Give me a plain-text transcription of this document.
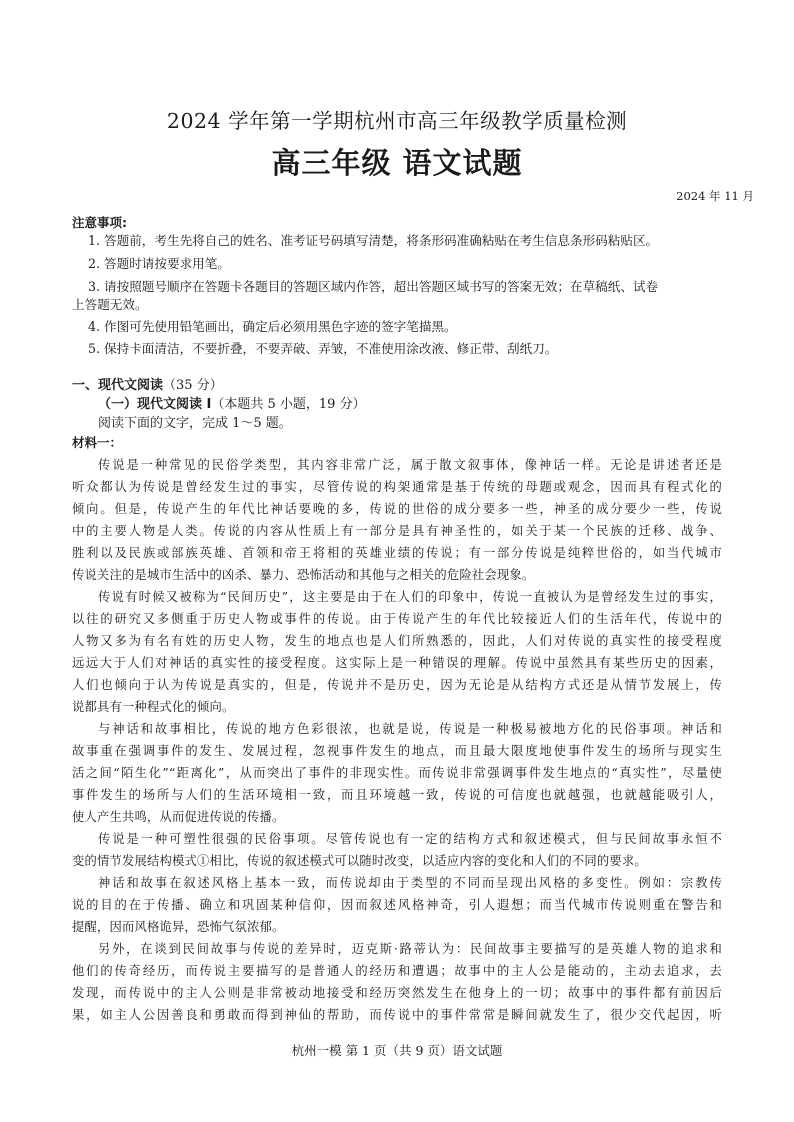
2024 学年第一学期杭州市高三年级教学质量检测
高三年级 语文试题
2024 年 11 月
注意事项:
1. 答题前，考生先将自己的姓名、准考证号码填写清楚，将条形码准确粘贴在考生信息条形码粘贴区。
2. 答题时请按要求用笔。
3. 请按照题号顺序在答题卡各题目的答题区域内作答，超出答题区域书写的答案无效；在草稿纸、试卷
上答题无效。
4. 作图可先使用铅笔画出，确定后必须用黑色字迹的签字笔描黑。
5. 保持卡面清洁，不要折叠，不要弄破、弄皱，不准使用涂改液、修正带、刮纸刀。
一、现代文阅读（35 分）
（一）现代文阅读 I（本题共 5 小题，19 分）
阅读下面的文字，完成 1～5 题。
材料一：
传说是一种常见的民俗学类型，其内容非常广泛，属于散文叙事体，像神话一样。无论是讲述者还是
听众都认为传说是曾经发生过的事实，尽管传说的构架通常是基于传统的母题或观念，因而具有程式化的
倾向。但是，传说产生的年代比神话要晚的多，传说的世俗的成分要多一些，神圣的成分要少一些，传说
中的主要人物是人类。传说的内容从性质上有一部分是具有神圣性的，如关于某一个民族的迁移、战争、
胜利以及民族或部族英雄、首领和帝王将相的英雄业绩的传说；有一部分传说是纯粹世俗的，如当代城市
传说关注的是城市生活中的凶杀、暴力、恐怖活动和其他与之相关的危险社会现象。
传说有时候又被称为“民间历史”，这主要是由于在人们的印象中，传说一直被认为是曾经发生过的事实，
以往的研究又多侧重于历史人物或事件的传说。由于传说产生的年代比较接近人们的生活年代，传说中的
人物又多为有名有姓的历史人物，发生的地点也是人们所熟悉的，因此，人们对传说的真实性的接受程度
远远大于人们对神话的真实性的接受程度。这实际上是一种错误的理解。传说中虽然具有某些历史的因素，
人们也倾向于认为传说是真实的，但是，传说并不是历史，因为无论是从结构方式还是从情节发展上，传
说都具有一种程式化的倾向。
与神话和故事相比，传说的地方色彩很浓，也就是说，传说是一种极易被地方化的民俗事项。神话和
故事重在强调事件的发生、发展过程，忽视事件发生的地点，而且最大限度地使事件发生的场所与现实生
活之间“陌生化”“距离化”，从而突出了事件的非现实性。而传说非常强调事件发生地点的“真实性”，尽量使
事件发生的场所与人们的生活环境相一致，而且环境越一致，传说的可信度也就越强，也就越能吸引人，
使人产生共鸣，从而促进传说的传播。
传说是一种可塑性很强的民俗事项。尽管传说也有一定的结构方式和叙述模式，但与民间故事永恒不
变的情节发展结构模式①相比，传说的叙述模式可以随时改变，以适应内容的变化和人们的不同的要求。
神话和故事在叙述风格上基本一致，而传说却由于类型的不同而呈现出风格的多变性。例如：宗教传
说的目的在于传播、确立和巩固某种信仰，因而叙述风格神奇，引人遐想；而当代城市传说则重在警告和
提醒，因而风格诡异，恐怖气氛浓郁。
另外，在谈到民间故事与传说的差异时，迈克斯·路蒂认为：民间故事主要描写的是英雄人物的追求和
他们的传奇经历，而传说主要描写的是普通人的经历和遭遇；故事中的主人公是能动的，主动去追求，去
发现，而传说中的主人公则是非常被动地接受和经历突然发生在他身上的一切；故事中的事件都有前因后
果，如主人公因善良和勇敢而得到神仙的帮助，而传说中的事件常常是瞬间就发生了，很少交代起因，听
杭州一模 第 1 页（共 9 页）语文试题
